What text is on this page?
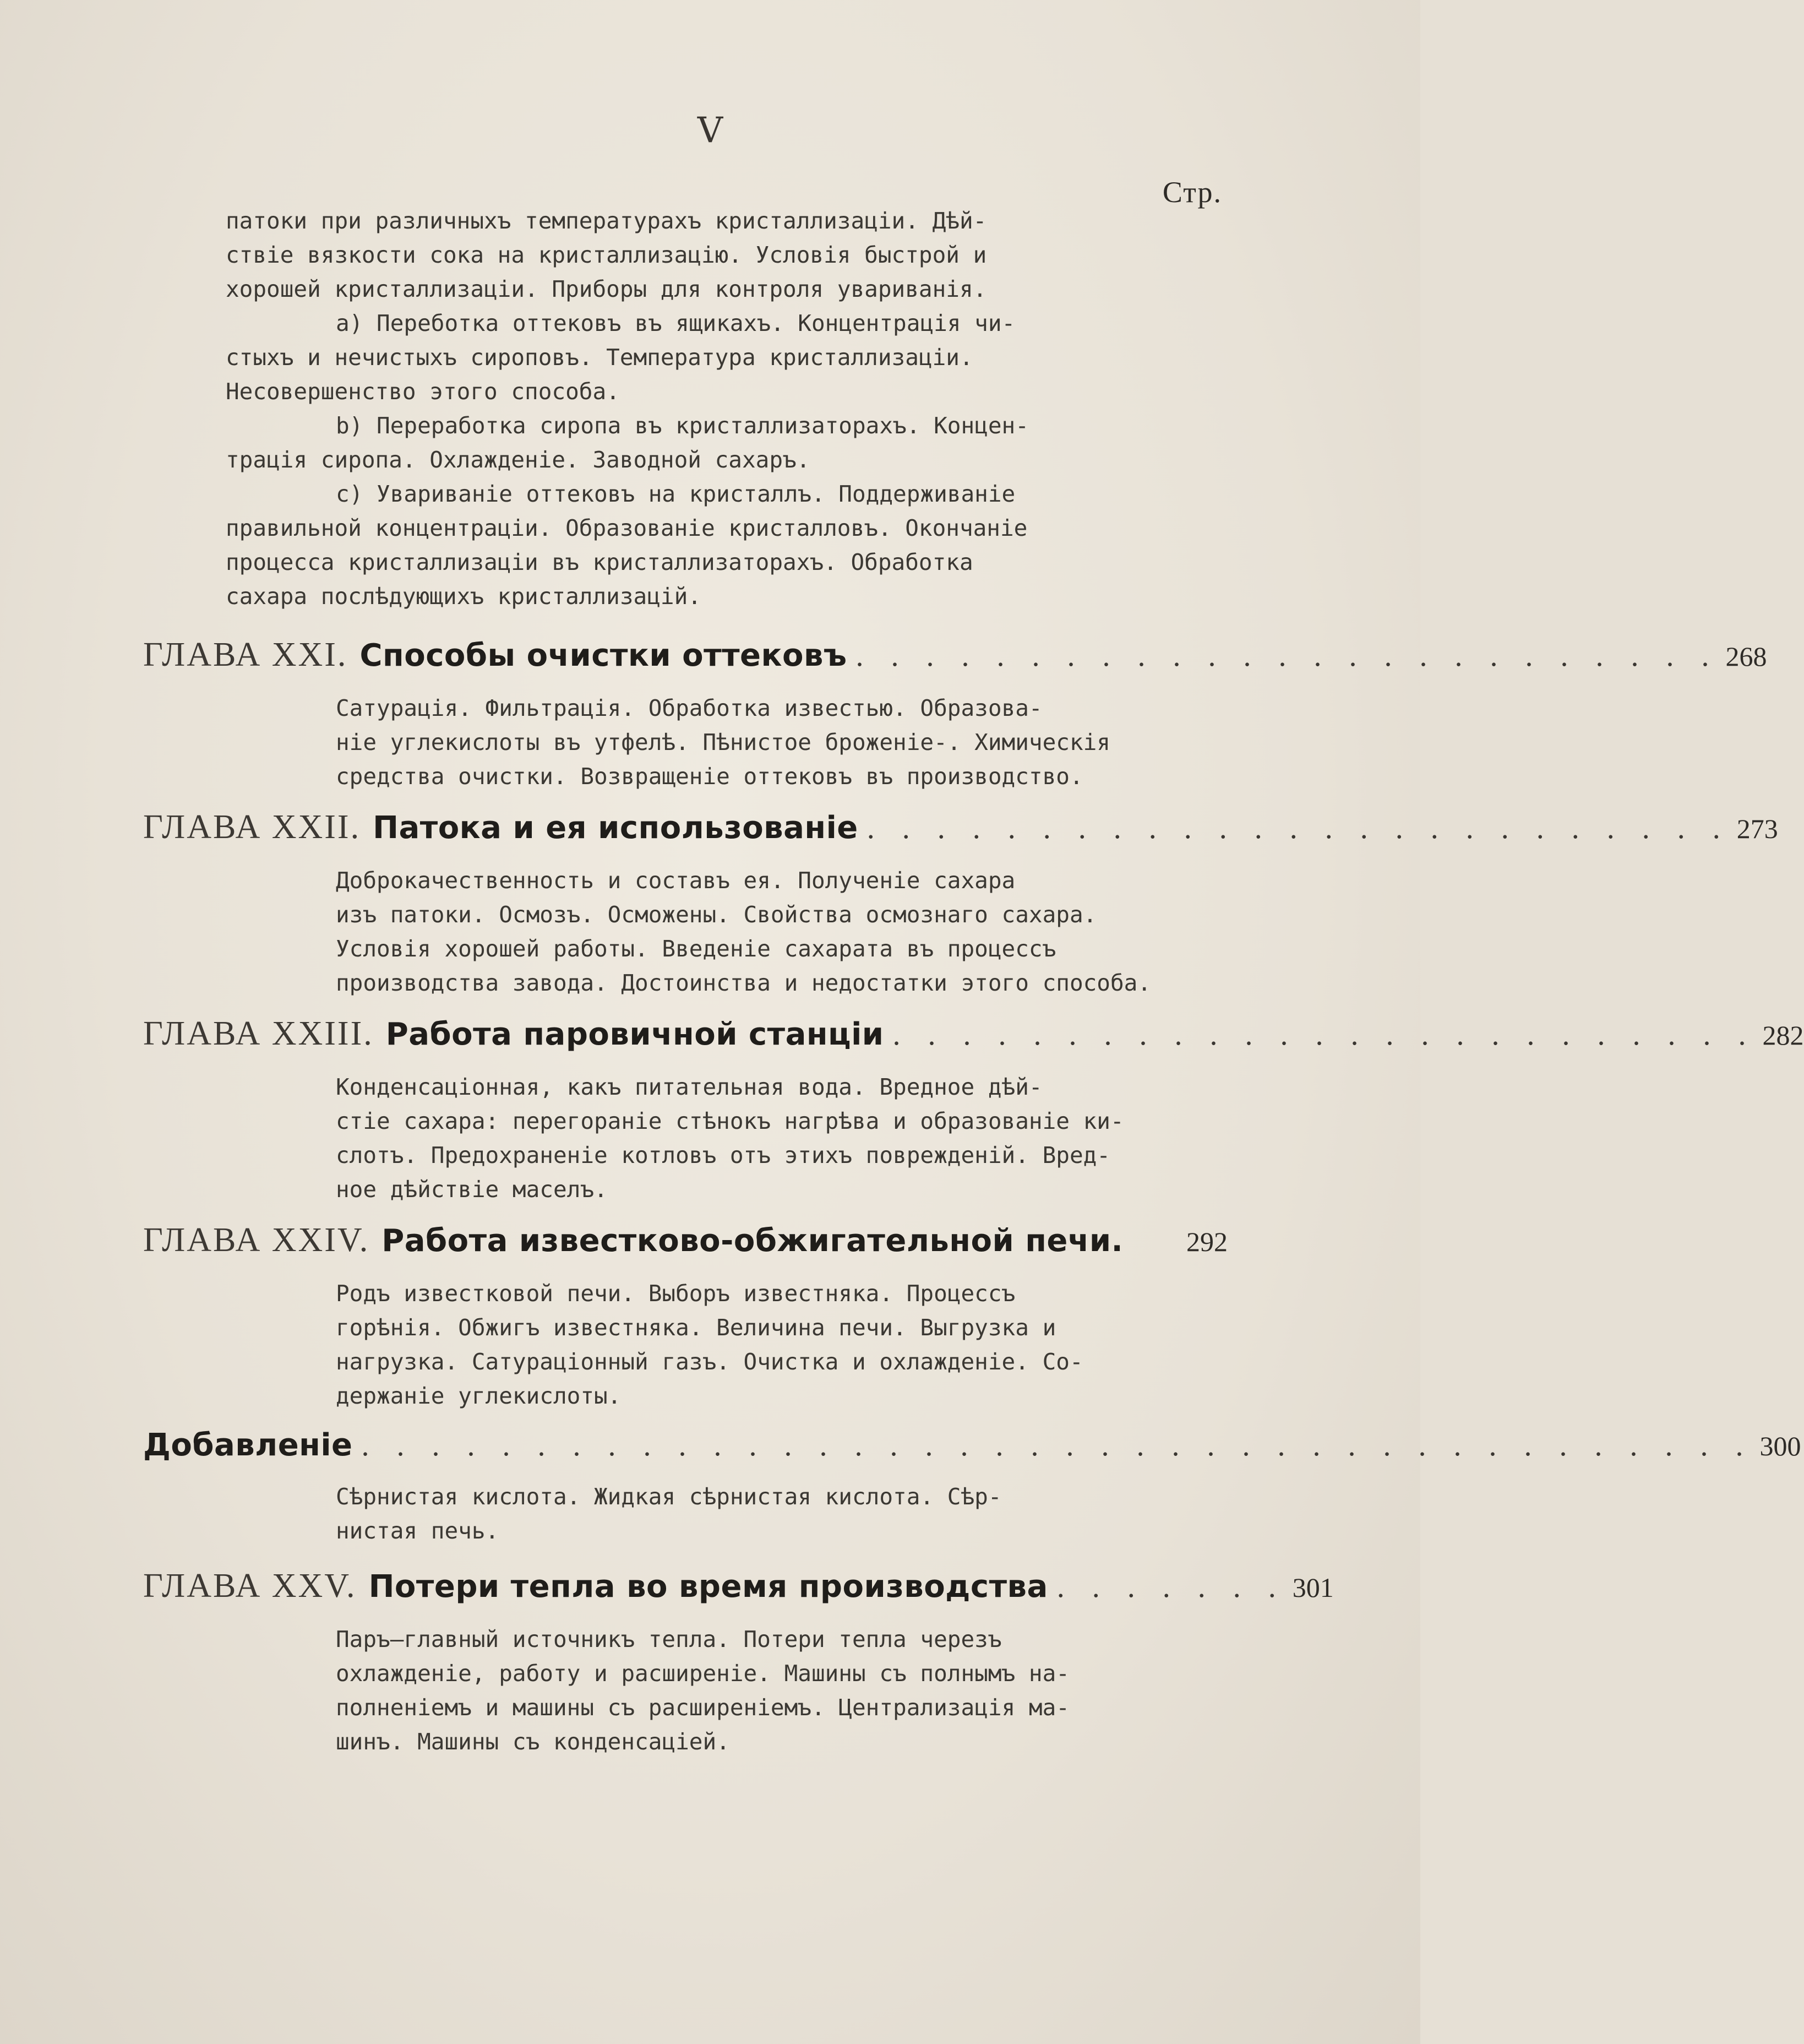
V
Стр.
патоки при различныхъ температурахъ кристаллизаціи. Дѣй-
ствіе вязкости сока на кристаллизацію. Условія быстрой и
хорошей кристаллизаціи. Прибоpы для контроля увариванія.
а) Переботка оттековъ въ ящикахъ. Концентрація чи-
стыхъ и нечистыхъ сироповъ. Температура кристаллизаціи.
Несовершенство этого способа.
b) Переработка сиропа въ кристаллизаторахъ. Концен-
трація сиропа. Охлажденіе. Заводной сахаръ.
c) Увариваніе оттековъ на кристаллъ. Поддерживаніе
правильной концентраціи. Образованіе кристалловъ. Окончаніе
процесса кристаллизаціи въ кристаллизаторахъ. Обработка
сахара послѣдующихъ кристаллизацій.
ГЛАВА XXI. Способы очистки оттековъ . . . . . . . . . . . . . . . . . . . . . . . . . 268
Сатурація. Фильтрація. Обработка известью. Образова-
ніе углекислоты въ утфелѣ. Пѣнистое броженіе-. Химическія
средства очистки. Возвращеніе оттековъ въ производство.
ГЛАВА XXII. Патока и ея использованіе . . . . . . . . . . . . . . . . . . . . . . . . . 273
Доброкачественность и составъ ея. Полученіе сахара
изъ патоки. Осмозъ. Осможены. Свойства осмознаго сахара.
Условія хорошей работы. Введеніе сахарата въ процессъ
производства завода. Достоинства и недостатки этого способа.
ГЛАВА XXIII. Работа паровичной станціи . . . . . . . . . . . . . . . . . . . . . . . . . 282
Конденсаціонная, какъ питательная вода. Вредное дѣй-
стіе сахара: перегораніе стѣнокъ нагрѣва и образованіе ки-
слотъ. Предохраненіе котловъ отъ этихъ поврежденій. Вред-
ное дѣйствіе маселъ.
ГЛАВА XXIV. Работа известково-обжигательной печи. 292
Родъ известковой печи. Выборъ известняка. Процессъ
горѣнія. Обжигъ известняка. Величина печи. Выгрузка и
нагрузка. Сатураціонный газъ. Очистка и охлажденіе. Со-
держаніе углекислоты.
Добавленіе . . . . . . . . . . . . . . . . . . . . . . . . . . . . . . . . . . . . . . . . 300
Сѣрнистая кислота. Жидкая сѣрнистая кислота. Сѣр-
нистая печь.
ГЛАВА XXV. Потери тепла во время производства . . . . . . . 301
Паръ—главный источникъ тепла. Потери тепла черезъ
охлажденіе, работу и расширеніе. Машины съ полнымъ на-
полненіемъ и машины съ расширеніемъ. Централизація ма-
шинъ. Машины съ конденсаціей.
